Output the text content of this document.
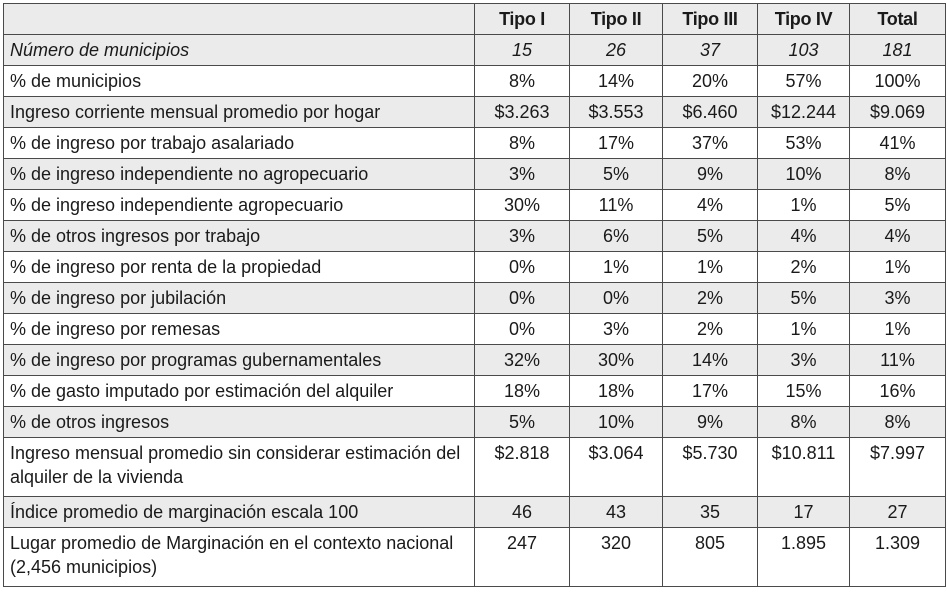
	Tipo I	Tipo II	Tipo III	Tipo IV	Total
Número de municipios	15	26	37	103	181
% de municipios	8%	14%	20%	57%	100%
Ingreso corriente mensual promedio por hogar	$3.263	$3.553	$6.460	$12.244	$9.069
% de ingreso por trabajo asalariado	8%	17%	37%	53%	41%
% de ingreso independiente no agropecuario	3%	5%	9%	10%	8%
% de ingreso independiente agropecuario	30%	11%	4%	1%	5%
% de otros ingresos por trabajo	3%	6%	5%	4%	4%
% de ingreso por renta de la propiedad	0%	1%	1%	2%	1%
% de ingreso por jubilación	0%	0%	2%	5%	3%
% de ingreso por remesas	0%	3%	2%	1%	1%
% de ingreso por programas gubernamentales	32%	30%	14%	3%	11%
% de gasto imputado por estimación del alquiler	18%	18%	17%	15%	16%
% de otros ingresos	5%	10%	9%	8%	8%
Ingreso mensual promedio sin considerar estimación del alquiler de la vivienda	$2.818	$3.064	$5.730	$10.811	$7.997
Índice promedio de marginación escala 100	46	43	35	17	27
Lugar promedio de Marginación en el contexto nacional (2,456 municipios)	247	320	805	1.895	1.309
